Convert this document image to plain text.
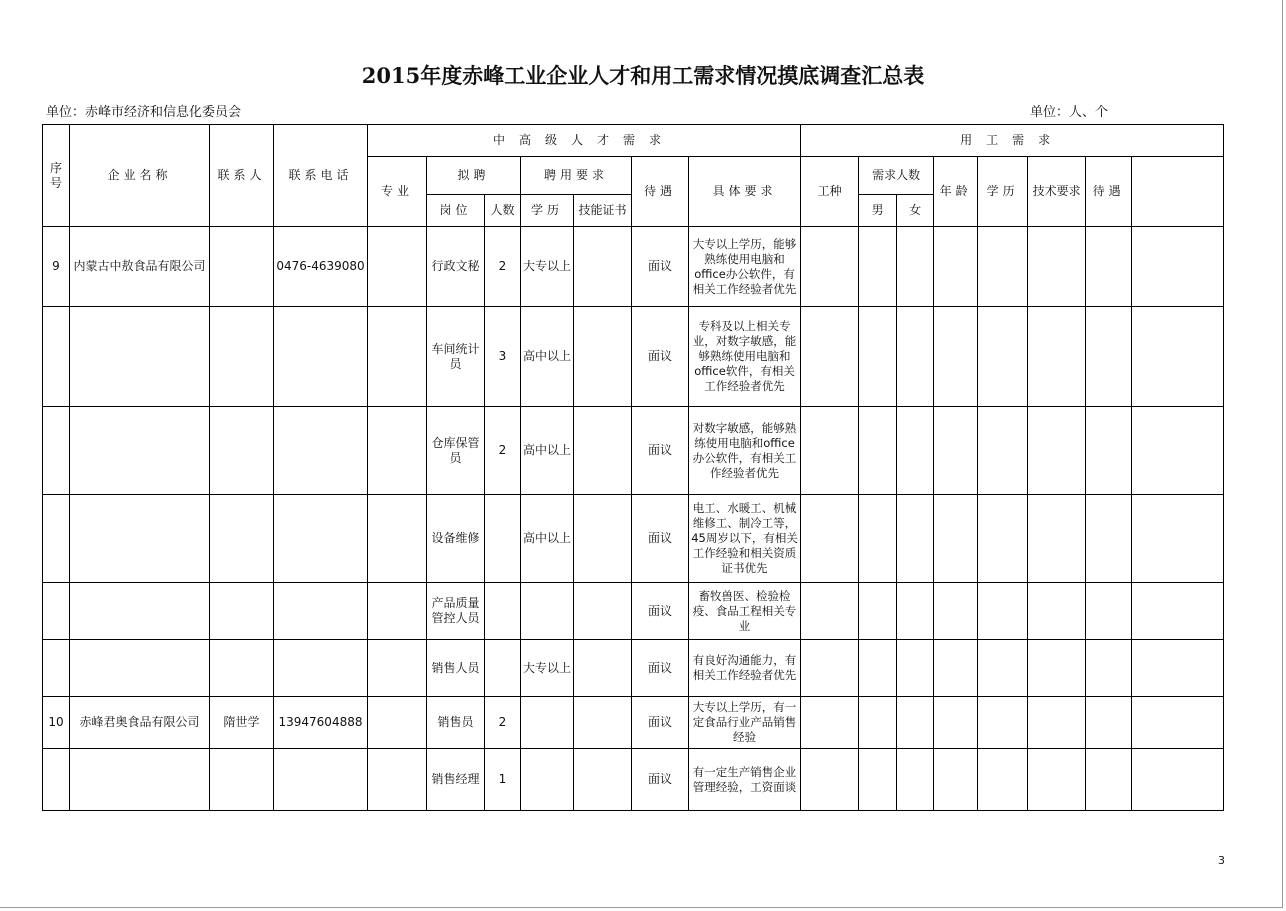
2015年度赤峰工业企业人才和用工需求情况摸底调查汇总表
单位：赤峰市经济和信息化委员会	单位：人、个
序号	企业名称	联系人	联系电话	中高级人才需求							用工需求	
				专业	拟聘		聘用要求		待遇	具体要求	工种	需求人数		年龄	学历	技术要求	待遇		
					岗位	人数	学历	技能证书				男	女						
9	内蒙古中敖食品有限公司		0476-4639080		行政文秘	2	大专以上		面议	大专以上学历，能够熟练使用电脑和office办公软件，有相关工作经验者优先									
					车间统计员	3	高中以上		面议	专科及以上相关专业，对数字敏感，能够熟练使用电脑和office软件，有相关工作经验者优先									
					仓库保管员	2	高中以上		面议	对数字敏感，能够熟练使用电脑和office办公软件，有相关工作经验者优先									
					设备维修		高中以上		面议	电工、水暖工、机械维修工、制冷工等，45周岁以下，有相关工作经验和相关资质证书优先									
					产品质量管控人员				面议	畜牧兽医、检验检疫、食品工程相关专业									
					销售人员		大专以上		面议	有良好沟通能力，有相关工作经验者优先									
10	赤峰君奥食品有限公司	隋世学	13947604888		销售员	2			面议	大专以上学历，有一定食品行业产品销售经验									
					销售经理	1			面议	有一定生产销售企业管理经验，工资面谈									
3
